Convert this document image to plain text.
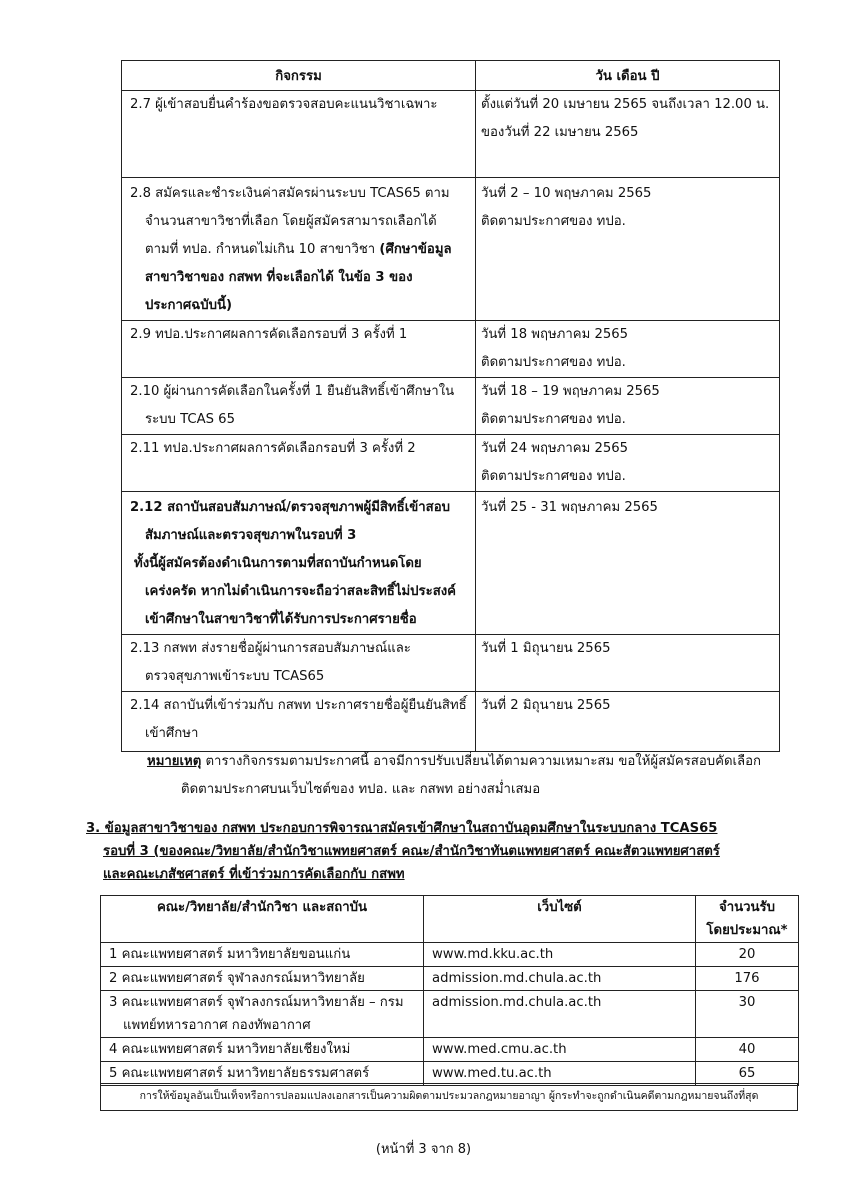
กิจกรรม	วัน เดือน ปี

2.7 ผู้เข้าสอบยื่นคำร้องขอตรวจสอบคะแนนวิชาเฉพาะ	ตั้งแต่วันที่ 20 เมษายน 2565 จนถึงเวลา 12.00 น.
ของวันที่ 22 เมษายน 2565

2.8 สมัครและชำระเงินค่าสมัครผ่านระบบ TCAS65 ตาม
จำนวนสาขาวิชาที่เลือก โดยผู้สมัครสามารถเลือกได้
ตามที่ ทปอ. กำหนดไม่เกิน 10 สาขาวิชา (ศึกษาข้อมูล
สาขาวิชาของ กสพท ที่จะเลือกได้ ในข้อ 3 ของ
ประกาศฉบับนี้)	วันที่ 2 – 10 พฤษภาคม 2565
ติดตามประกาศของ ทปอ.

2.9 ทปอ.ประกาศผลการคัดเลือกรอบที่ 3 ครั้งที่ 1	วันที่ 18 พฤษภาคม 2565
ติดตามประกาศของ ทปอ.

2.10 ผู้ผ่านการคัดเลือกในครั้งที่ 1 ยืนยันสิทธิ์เข้าศึกษาใน
ระบบ TCAS 65	วันที่ 18 – 19 พฤษภาคม 2565
ติดตามประกาศของ ทปอ.

2.11 ทปอ.ประกาศผลการคัดเลือกรอบที่ 3 ครั้งที่ 2	วันที่ 24 พฤษภาคม 2565
ติดตามประกาศของ ทปอ.

2.12 สถาบันสอบสัมภาษณ์/ตรวจสุขภาพผู้มีสิทธิ์เข้าสอบ
สัมภาษณ์และตรวจสุขภาพในรอบที่ 3
ทั้งนี้ผู้สมัครต้องดำเนินการตามที่สถาบันกำหนดโดย
เคร่งครัด หากไม่ดำเนินการจะถือว่าสละสิทธิ์ไม่ประสงค์
เข้าศึกษาในสาขาวิชาที่ได้รับการประกาศรายชื่อ	วันที่ 25 - 31 พฤษภาคม 2565

2.13 กสพท ส่งรายชื่อผู้ผ่านการสอบสัมภาษณ์และ
ตรวจสุขภาพเข้าระบบ TCAS65	วันที่ 1 มิถุนายน 2565

2.14 สถาบันที่เข้าร่วมกับ กสพท ประกาศรายชื่อผู้ยืนยันสิทธิ์
เข้าศึกษา	วันที่ 2 มิถุนายน 2565
หมายเหตุ ตารางกิจกรรมตามประกาศนี้ อาจมีการปรับเปลี่ยนได้ตามความเหมาะสม ขอให้ผู้สมัครสอบคัดเลือก
ติดตามประกาศบนเว็บไซต์ของ ทปอ. และ กสพท อย่างสม่ำเสมอ
3. ข้อมูลสาขาวิชาของ กสพท ประกอบการพิจารณาสมัครเข้าศึกษาในสถาบันอุดมศึกษาในระบบกลาง TCAS65
รอบที่ 3 (ของคณะ/วิทยาลัย/สำนักวิชาแพทยศาสตร์ คณะ/สำนักวิชาทันตแพทยศาสตร์ คณะสัตวแพทยศาสตร์
และคณะเภสัชศาสตร์ ที่เข้าร่วมการคัดเลือกกับ กสพท
คณะ/วิทยาลัย/สำนักวิชา และสถาบัน	เว็บไซต์	จำนวนรับ
โดยประมาณ*

1 คณะแพทยศาสตร์ มหาวิทยาลัยขอนแก่น	www.md.kku.ac.th	20

2 คณะแพทยศาสตร์ จุฬาลงกรณ์มหาวิทยาลัย	admission.md.chula.ac.th	176

3 คณะแพทยศาสตร์ จุฬาลงกรณ์มหาวิทยาลัย – กรม
แพทย์ทหารอากาศ กองทัพอากาศ	admission.md.chula.ac.th	30

4 คณะแพทยศาสตร์ มหาวิทยาลัยเชียงใหม่	www.med.cmu.ac.th	40

5 คณะแพทยศาสตร์ มหาวิทยาลัยธรรมศาสตร์	www.med.tu.ac.th	65
การให้ข้อมูลอันเป็นเท็จหรือการปลอมแปลงเอกสารเป็นความผิดตามประมวลกฎหมายอาญา ผู้กระทำจะถูกดำเนินคดีตามกฎหมายจนถึงที่สุด
(หน้าที่ 3 จาก 8)
